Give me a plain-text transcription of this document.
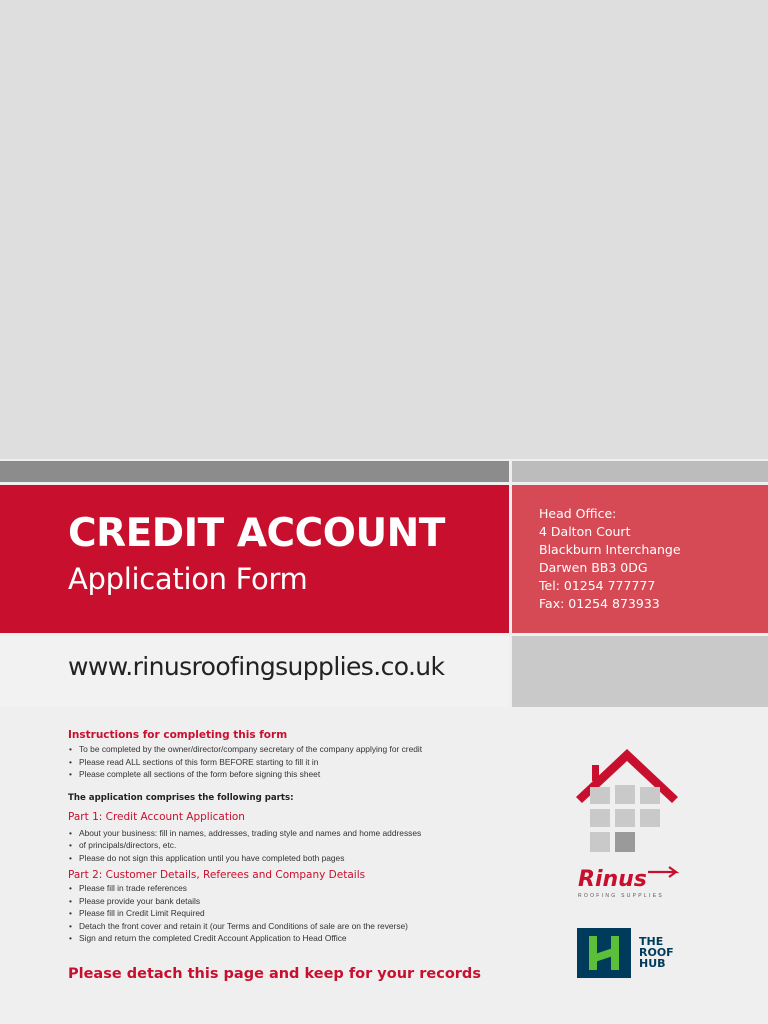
CREDIT ACCOUNT
Application Form
Head Office:
4 Dalton Court
Blackburn Interchange
Darwen BB3 0DG
Tel: 01254 777777
Fax: 01254 873933
www.rinusroofingsupplies.co.uk

Instructions for completing this form

• To be completed by the owner/director/company secretary of the company applying for credit
• Please read ALL sections of this form BEFORE starting to fill it in
• Please complete all sections of the form before signing this sheet
The application comprises the following parts:

Part 1: Credit Account Application

• About your business: fill in names, addresses, trading style and names and home addresses
• of principals/directors, etc.
• Please do not sign this application until you have completed both pages

Part 2: Customer Details, Referees and Company Details

• Please fill in trade references
• Please provide your bank details
• Please fill in Credit Limit Required
• Detach the front cover and retain it (our Terms and Conditions of sale are on the reverse)
• Sign and return the completed Credit Account Application to Head Office
Please detach this page and keep for your records
Rinus
ROOFING SUPPLIES
THE
ROOF
HUB
